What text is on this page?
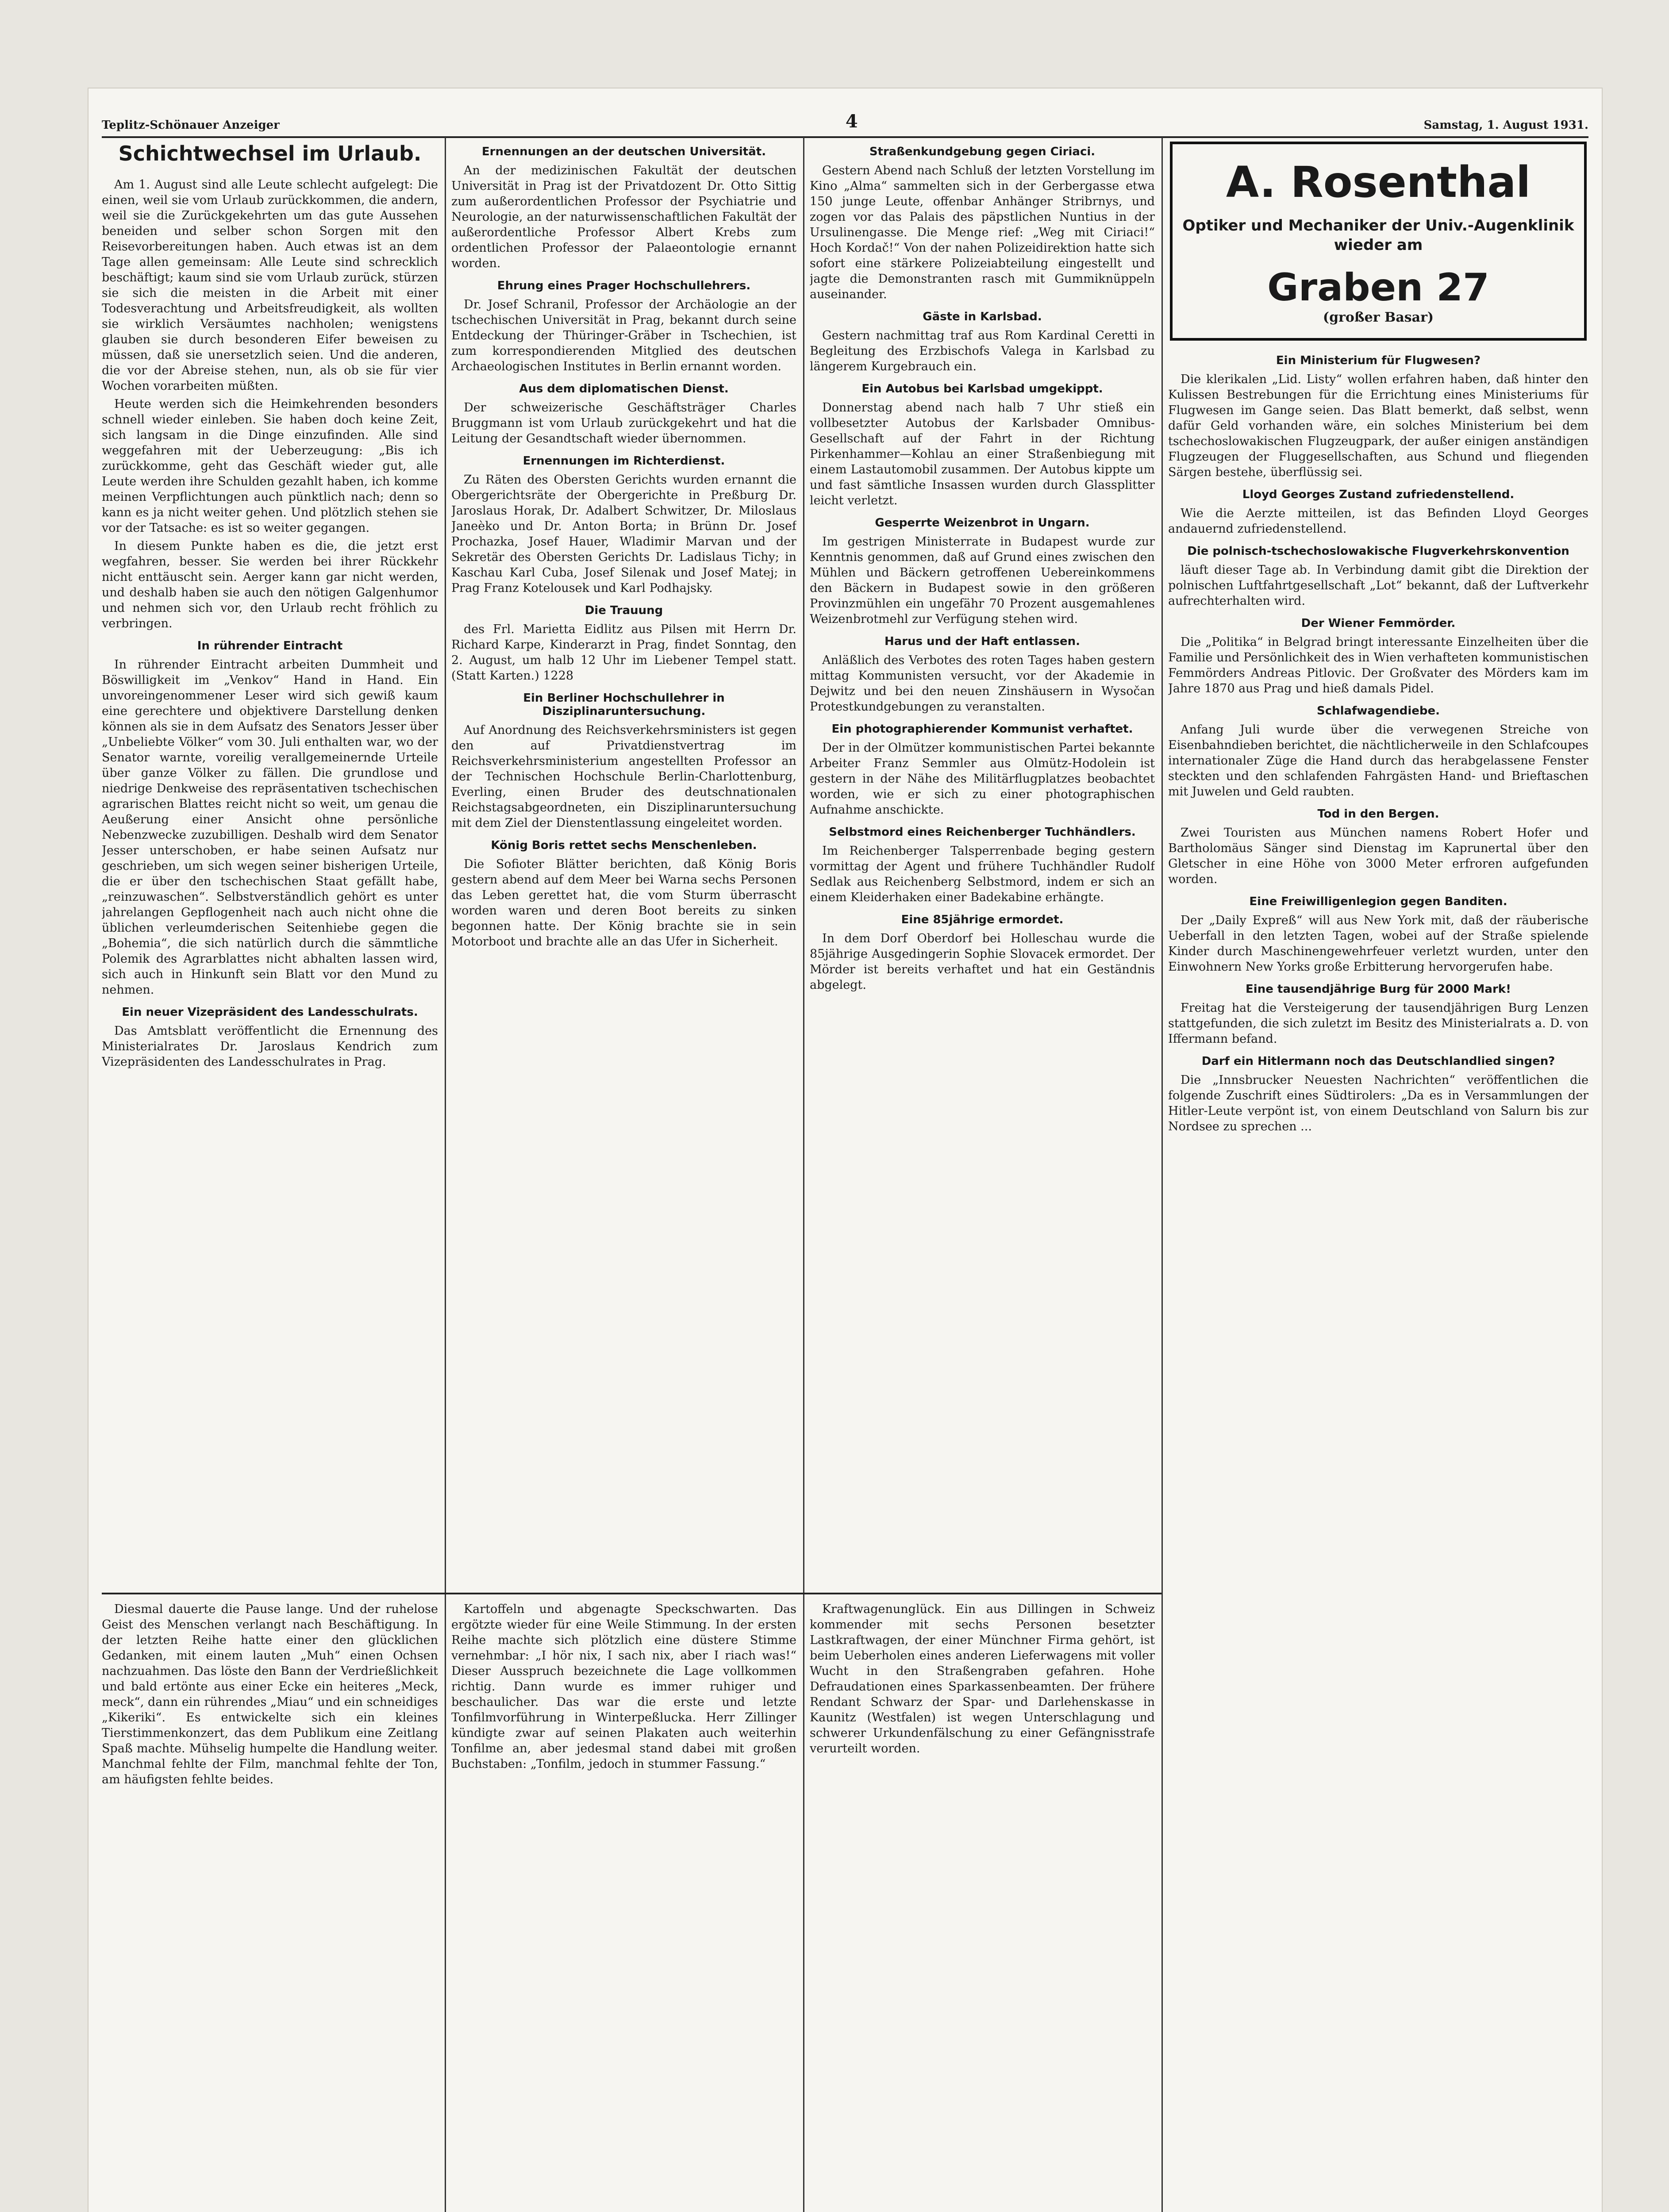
Teplitz-Schönauer Anzeiger	4	Samstag, 1. August 1931.
Schichtwechsel im Urlaub.

Am 1. August sind alle Leute schlecht aufgelegt: Die einen, weil sie vom Urlaub zurückkommen, die andern, weil sie die Zurückgekehrten um das gute Aussehen beneiden und selber schon Sorgen mit den Reisevorbereitungen haben. Auch etwas ist an dem Tage allen gemeinsam: Alle Leute sind schrecklich beschäftigt; kaum sind sie vom Urlaub zurück, stürzen sie sich die meisten in die Arbeit mit einer Todesverachtung und Arbeitsfreudigkeit, als wollten sie wirklich Versäumtes nachholen; wenigstens glauben sie durch besonderen Eifer beweisen zu müssen, daß sie unersetzlich seien. Und die anderen, die vor der Abreise stehen, nun, als ob sie für vier Wochen vorarbeiten müßten.

Heute werden sich die Heimkehrenden besonders schnell wieder einleben. Sie haben doch keine Zeit, sich langsam in die Dinge einzufinden. Alle sind weggefahren mit der Ueberzeugung: „Bis ich zurückkomme, geht das Geschäft wieder gut, alle Leute werden ihre Schulden gezahlt haben, ich komme meinen Verpflichtungen auch pünktlich nach; denn so kann es ja nicht weiter gehen. Und plötzlich stehen sie vor der Tatsache: es ist so weiter gegangen.

In diesem Punkte haben es die, die jetzt erst wegfahren, besser. Sie werden bei ihrer Rückkehr nicht enttäuscht sein. Aerger kann gar nicht werden, und deshalb haben sie auch den nötigen Galgenhumor und nehmen sich vor, den Urlaub recht fröhlich zu verbringen.

In rührender Eintracht

In rührender Eintracht arbeiten Dummheit und Böswilligkeit im „Venkov“ Hand in Hand. Ein unvoreingenommener Leser wird sich gewiß kaum eine gerechtere und objektivere Darstellung denken können als sie in dem Aufsatz des Senators Jesser über „Unbeliebte Völker“ vom 30. Juli enthalten war, wo der Senator warnte, voreilig verallgemeinernde Urteile über ganze Völker zu fällen. Die grundlose und niedrige Denkweise des repräsentativen tschechischen agrarischen Blattes reicht nicht so weit, um genau die Aeußerung einer Ansicht ohne persönliche Nebenzwecke zuzubilligen. Deshalb wird dem Senator Jesser unterschoben, er habe seinen Aufsatz nur geschrieben, um sich wegen seiner bisherigen Urteile, die er über den tschechischen Staat gefällt habe, „reinzuwaschen“. Selbstverständlich gehört es unter jahrelangen Gepflogenheit nach auch nicht ohne die üblichen verleumderischen Seitenhiebe gegen die „Bohemia“, die sich natürlich durch die sämmtliche Polemik des Agrarblattes nicht abhalten lassen wird, sich auch in Hinkunft sein Blatt vor den Mund zu nehmen.

Ein neuer Vizepräsident des Landesschulrats.

Das Amtsblatt veröffentlicht die Ernennung des Ministerialrates Dr. Jaroslaus Kendrich zum Vizepräsidenten des Landesschulrates in Prag.

Ernennungen an der deutschen Universität.

An der medizinischen Fakultät der deutschen Universität in Prag ist der Privatdozent Dr. Otto Sittig zum außerordentlichen Professor der Psychiatrie und Neurologie, an der naturwissenschaftlichen Fakultät der außerordentliche Professor Albert Krebs zum ordentlichen Professor der Palaeontologie ernannt worden.

Ehrung eines Prager Hochschullehrers.

Dr. Josef Schranil, Professor der Archäologie an der tschechischen Universität in Prag, bekannt durch seine Entdeckung der Thüringer-Gräber in Tschechien, ist zum korrespondierenden Mitglied des deutschen Archaeologischen Institutes in Berlin ernannt worden.

Aus dem diplomatischen Dienst.

Der schweizerische Geschäftsträger Charles Bruggmann ist vom Urlaub zurückgekehrt und hat die Leitung der Gesandtschaft wieder übernommen.

Ernennungen im Richterdienst.

Zu Räten des Obersten Gerichts wurden ernannt die Obergerichtsräte der Obergerichte in Preßburg Dr. Jaroslaus Horak, Dr. Adalbert Schwitzer, Dr. Miloslaus Janeèko und Dr. Anton Borta; in Brünn Dr. Josef Prochazka, Josef Hauer, Wladimir Marvan und der Sekretär des Obersten Gerichts Dr. Ladislaus Tichy; in Kaschau Karl Cuba, Josef Silenak und Josef Matej; in Prag Franz Kotelousek und Karl Podhajsky.

Die Trauung

des Frl. Marietta Eidlitz aus Pilsen mit Herrn Dr. Richard Karpe, Kinderarzt in Prag, findet Sonntag, den 2. August, um halb 12 Uhr im Liebener Tempel statt. (Statt Karten.) 1228

Ein Berliner Hochschullehrer in Disziplinaruntersuchung.

Auf Anordnung des Reichsverkehrsministers ist gegen den auf Privatdienstvertrag im Reichsverkehrsministerium angestellten Professor an der Technischen Hochschule Berlin-Charlottenburg, Everling, einen Bruder des deutschnationalen Reichstagsabgeordneten, ein Disziplinaruntersuchung mit dem Ziel der Dienstentlassung eingeleitet worden.

König Boris rettet sechs Menschenleben.

Die Sofioter Blätter berichten, daß König Boris gestern abend auf dem Meer bei Warna sechs Personen das Leben gerettet hat, die vom Sturm überrascht worden waren und deren Boot bereits zu sinken begonnen hatte. Der König brachte sie in sein Motorboot und brachte alle an das Ufer in Sicherheit.

Straßenkundgebung gegen Ciriaci.

Gestern Abend nach Schluß der letzten Vorstellung im Kino „Alma“ sammelten sich in der Gerbergasse etwa 150 junge Leute, offenbar Anhänger Stribrnys, und zogen vor das Palais des päpstlichen Nuntius in der Ursulinengasse. Die Menge rief: „Weg mit Ciriaci!“ Hoch Kordač!“ Von der nahen Polizeidirektion hatte sich sofort eine stärkere Polizeiabteilung eingestellt und jagte die Demonstranten rasch mit Gummiknüppeln auseinander.

Gäste in Karlsbad.

Gestern nachmittag traf aus Rom Kardinal Ceretti in Begleitung des Erzbischofs Valega in Karlsbad zu längerem Kurgebrauch ein.

Ein Autobus bei Karlsbad umgekippt.

Donnerstag abend nach halb 7 Uhr stieß ein vollbesetzter Autobus der Karlsbader Omnibus-Gesellschaft auf der Fahrt in der Richtung Pirkenhammer—Kohlau an einer Straßenbiegung mit einem Lastautomobil zusammen. Der Autobus kippte um und fast sämtliche Insassen wurden durch Glassplitter leicht verletzt.

Gesperrte Weizenbrot in Ungarn.

Im gestrigen Ministerrate in Budapest wurde zur Kenntnis genommen, daß auf Grund eines zwischen den Mühlen und Bäckern getroffenen Uebereinkommens den Bäckern in Budapest sowie in den größeren Provinzmühlen ein ungefähr 70 Prozent ausgemahlenes Weizenbrotmehl zur Verfügung stehen wird.

Harus und der Haft entlassen.

Anläßlich des Verbotes des roten Tages haben gestern mittag Kommunisten versucht, vor der Akademie in Dejwitz und bei den neuen Zinshäusern in Wysočan Protestkundgebungen zu veranstalten.

Ein photographierender Kommunist verhaftet.

Der in der Olmützer kommunistischen Partei bekannte Arbeiter Franz Semmler aus Olmütz-Hodolein ist gestern in der Nähe des Militärflugplatzes beobachtet worden, wie er sich zu einer photographischen Aufnahme anschickte.

Selbstmord eines Reichenberger Tuchhändlers.

Im Reichenberger Talsperrenbade beging gestern vormittag der Agent und frühere Tuchhändler Rudolf Sedlak aus Reichenberg Selbstmord, indem er sich an einem Kleiderhaken einer Badekabine erhängte.

Eine 85jährige ermordet.

In dem Dorf Oberdorf bei Holleschau wurde die 85jährige Ausgedingerin Sophie Slovacek ermordet. Der Mörder ist bereits verhaftet und hat ein Geständnis abgelegt.

A. Rosenthal
Optiker und Mechaniker der Univ.-Augenklinik wieder am
Graben 27
(großer Basar)
Ein Ministerium für Flugwesen?

Die klerikalen „Lid. Listy“ wollen erfahren haben, daß hinter den Kulissen Bestrebungen für die Errichtung eines Ministeriums für Flugwesen im Gange seien. Das Blatt bemerkt, daß selbst, wenn dafür Geld vorhanden wäre, ein solches Ministerium bei dem tschechoslowakischen Flugzeugpark, der außer einigen anständigen Flugzeugen der Fluggesellschaften, aus Schund und fliegenden Särgen bestehe, überflüssig sei.

Lloyd Georges Zustand zufriedenstellend.

Wie die Aerzte mitteilen, ist das Befinden Lloyd Georges andauernd zufriedenstellend.

Die polnisch-tschechoslowakische Flugverkehrskonvention

läuft dieser Tage ab. In Verbindung damit gibt die Direktion der polnischen Luftfahrtgesellschaft „Lot“ bekannt, daß der Luftverkehr aufrechterhalten wird.

Der Wiener Femmörder.

Die „Politika“ in Belgrad bringt interessante Einzelheiten über die Familie und Persönlichkeit des in Wien verhafteten kommunistischen Femmörders Andreas Pitlovic. Der Großvater des Mörders kam im Jahre 1870 aus Prag und hieß damals Pidel.

Schlafwagendiebe.

Anfang Juli wurde über die verwegenen Streiche von Eisenbahndieben berichtet, die nächtlicherweile in den Schlafcoupes internationaler Züge die Hand durch das herabgelassene Fenster steckten und den schlafenden Fahrgästen Hand- und Brieftaschen mit Juwelen und Geld raubten.

Tod in den Bergen.

Zwei Touristen aus München namens Robert Hofer und Bartholomäus Sänger sind Dienstag im Kaprunertal über den Gletscher in eine Höhe von 3000 Meter erfroren aufgefunden worden.

Eine Freiwilligenlegion gegen Banditen.

Der „Daily Expreß“ will aus New York mit, daß der räuberische Ueberfall in den letzten Tagen, wobei auf der Straße spielende Kinder durch Maschinengewehrfeuer verletzt wurden, unter den Einwohnern New Yorks große Erbitterung hervorgerufen habe.

Eine tausendjährige Burg für 2000 Mark!

Freitag hat die Versteigerung der tausendjährigen Burg Lenzen stattgefunden, die sich zuletzt im Besitz des Ministerialrats a. D. von Iffermann befand.

Darf ein Hitlermann noch das Deutschlandlied singen?

Die „Innsbrucker Neuesten Nachrichten“ veröffentlichen die folgende Zuschrift eines Südtirolers: „Da es in Versammlungen der Hitler-Leute verpönt ist, von einem Deutschland von Salurn bis zur Nordsee zu sprechen ...

Diesmal dauerte die Pause lange. Und der ruhelose Geist des Menschen verlangt nach Beschäftigung. In der letzten Reihe hatte einer den glücklichen Gedanken, mit einem lauten „Muh“ einen Ochsen nachzuahmen. Das löste den Bann der Verdrießlichkeit und bald ertönte aus einer Ecke ein heiteres „Meck, meck“, dann ein rührendes „Miau“ und ein schneidiges „Kikeriki“. Es entwickelte sich ein kleines Tierstimmenkonzert, das dem Publikum eine Zeitlang Spaß machte. Mühselig humpelte die Handlung weiter. Manchmal fehlte der Film, manchmal fehlte der Ton, am häufigsten fehlte beides.

Kartoffeln und abgenagte Speckschwarten. Das ergötzte wieder für eine Weile Stimmung. In der ersten Reihe machte sich plötzlich eine düstere Stimme vernehmbar: „I hör nix, I sach nix, aber I riach was!“ Dieser Ausspruch bezeichnete die Lage vollkommen richtig. Dann wurde es immer ruhiger und beschaulicher. Das war die erste und letzte Tonfilmvorführung in Winterpeßlucka. Herr Zillinger kündigte zwar auf seinen Plakaten auch weiterhin Tonfilme an, aber jedesmal stand dabei mit großen Buchstaben: „Tonfilm, jedoch in stummer Fassung.“

Kraftwagenunglück. Ein aus Dillingen in Schweiz kommender mit sechs Personen besetzter Lastkraftwagen, der einer Münchner Firma gehört, ist beim Ueberholen eines anderen Lieferwagens mit voller Wucht in den Straßengraben gefahren. Hohe Defraudationen eines Sparkassenbeamten. Der frühere Rendant Schwarz der Spar- und Darlehenskasse in Kaunitz (Westfalen) ist wegen Unterschlagung und schwerer Urkundenfälschung zu einer Gefängnisstrafe verurteilt worden.
